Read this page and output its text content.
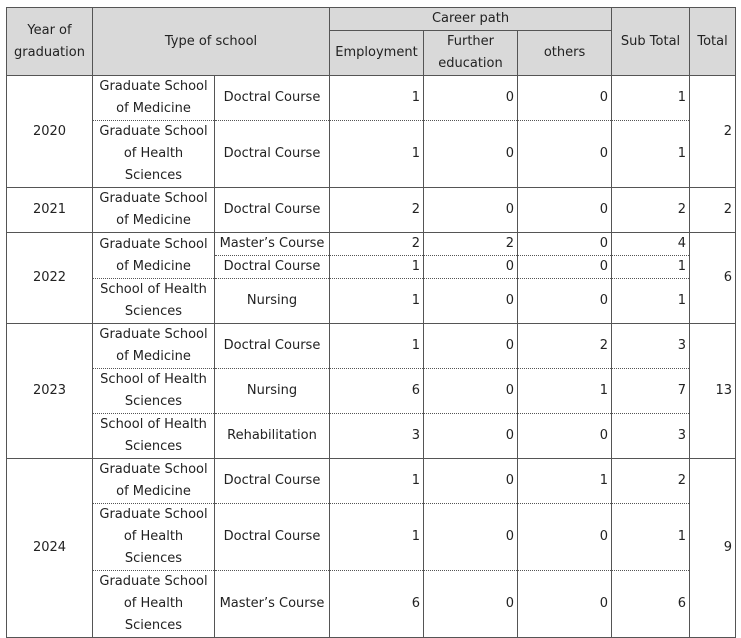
Year of graduation	Type of school		Career path			Sub Total	Total
			Employment	Further education	others		
2020	Graduate School of Medicine	Doctral Course	1	0	0	1	2
	Graduate School of Health Sciences	Doctral Course	1	0	0	1	
2021	Graduate School of Medicine	Doctral Course	2	0	0	2	2
2022	Graduate School of Medicine	Master’s Course	2	2	0	4	6
		Doctral Course	1	0	0	1	
	School of Health Sciences	Nursing	1	0	0	1	
2023	Graduate School of Medicine	Doctral Course	1	0	2	3	13
	School of Health Sciences	Nursing	6	0	1	7	
	School of Health Sciences	Rehabilitation	3	0	0	3	
2024	Graduate School of Medicine	Doctral Course	1	0	1	2	9
	Graduate School of Health Sciences	Doctral Course	1	0	0	1	
	Graduate School of Health Sciences	Master’s Course	6	0	0	6	
